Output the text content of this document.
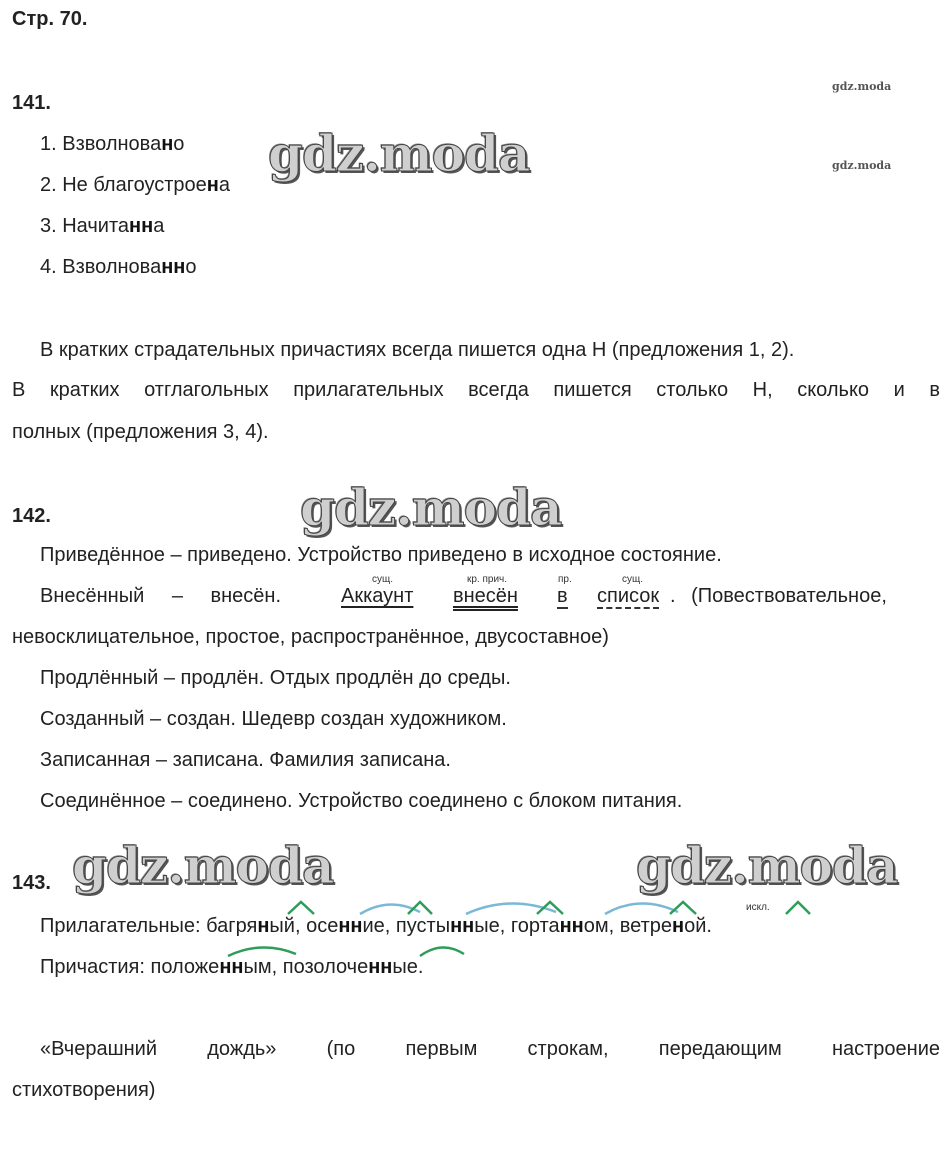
Стр. 70.
gdz.moda
gdz.moda
gdz.moda
gdz.moda
gdz.moda	gdz.moda
141.
1. Взволновано
2. Не благоустроена
3. Начитанна
4. Взволнованно
В кратких страдательных причастиях всегда пишется одна Н (предложения 1, 2).
В кратких отглагольных прилагательных всегда пишется столько Н, сколько и в
полных (предложения 3, 4).
142.
Приведённое – приведено. Устройство приведено в исходное состояние.
сущ.	кр. прич.	пр.	сущ.
Внесённый – внесён.	Аккаунт внесён в список . (Повествовательное,
невосклицательное, простое, распространённое, двусоставное)
Продлённый – продлён. Отдых продлён до среды.
Созданный – создан. Шедевр создан художником.
Записанная – записана. Фамилия записана.
Соединённое – соединено. Устройство соединено с блоком питания.
143.
искл.
Прилагательные: багряный, осенние, пустынные, гортанном, ветреной.
Причастия: положенным, позолоченные.
«Вчерашний дождь» (по первым строкам, передающим настроение
стихотворения)
